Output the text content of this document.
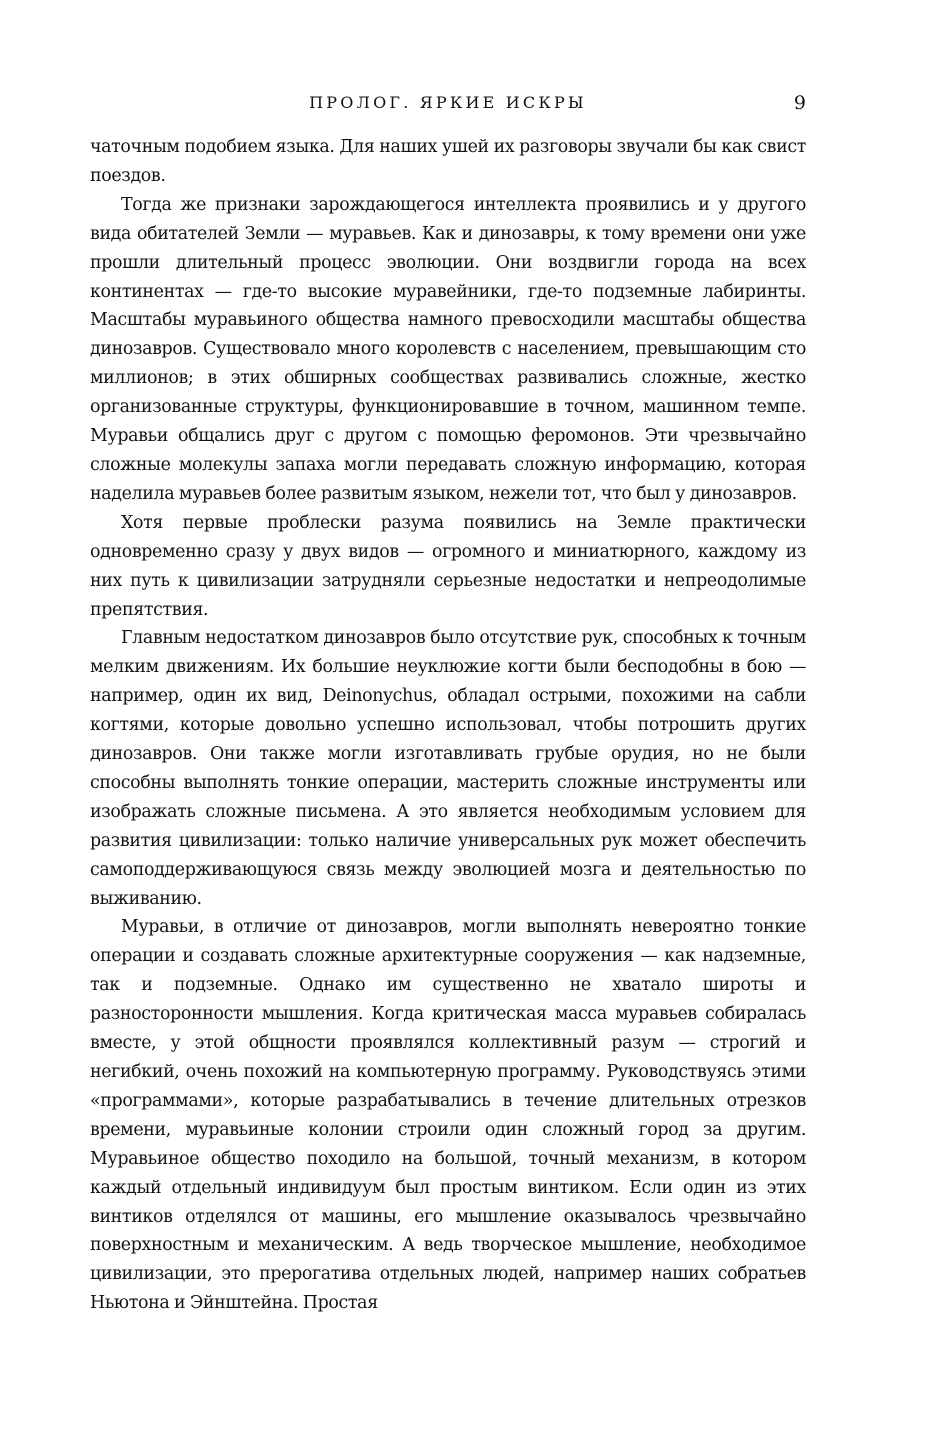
ПРОЛОГ. ЯРКИЕ ИСКРЫ	9

чаточным подобием языка. Для наших ушей их разговоры звучали бы как свист поездов.

Тогда же признаки зарождающегося интеллекта проявились и у другого вида обитателей Земли — муравьев. Как и динозавры, к тому времени они уже прошли длительный процесс эволюции. Они воздвигли города на всех континентах — где-то высокие муравейники, где-то подземные лабиринты. Масштабы муравьиного общества намного превосходили масштабы общества динозавров. Существовало много королевств с населением, превышающим сто миллионов; в этих обширных сообществах развивались сложные, жестко организованные структуры, функционировавшие в точном, машинном темпе. Муравьи общались друг с другом с помощью феромонов. Эти чрезвычайно сложные молекулы запаха могли передавать сложную информацию, которая наделила муравьев более развитым языком, нежели тот, что был у динозавров.

Хотя первые проблески разума появились на Земле практически одновременно сразу у двух видов — огромного и миниатюрного, каждому из них путь к цивилизации затрудняли серьезные недостатки и непреодолимые препятствия.

Главным недостатком динозавров было отсутствие рук, способных к точным мелким движениям. Их большие неуклюжие когти были бесподобны в бою — например, один их вид, Deinonychus, обладал острыми, похожими на сабли когтями, которые довольно успешно использовал, чтобы потрошить других динозавров. Они также могли изготавливать грубые орудия, но не были способны выполнять тонкие операции, мастерить сложные инструменты или изображать сложные письмена. А это является необходимым условием для развития цивилизации: только наличие универсальных рук может обеспечить самоподдерживающуюся связь между эволюцией мозга и деятельностью по выживанию.

Муравьи, в отличие от динозавров, могли выполнять невероятно тонкие операции и создавать сложные архитектурные сооружения — как надземные, так и подземные. Однако им существенно не хватало широты и разносторонности мышления. Когда критическая масса муравьев собиралась вместе, у этой общности проявлялся коллективный разум — строгий и негибкий, очень похожий на компьютерную программу. Руководствуясь этими «программами», которые разрабатывались в течение длительных отрезков времени, муравьиные колонии строили один сложный город за другим. Муравьиное общество походило на большой, точный механизм, в котором каждый отдельный индивидуум был простым винтиком. Если один из этих винтиков отделялся от машины, его мышление оказывалось чрезвычайно поверхностным и механическим. А ведь творческое мышление, необходимое цивилизации, это прерогатива отдельных людей, например наших собратьев Ньютона и Эйнштейна. Простая
